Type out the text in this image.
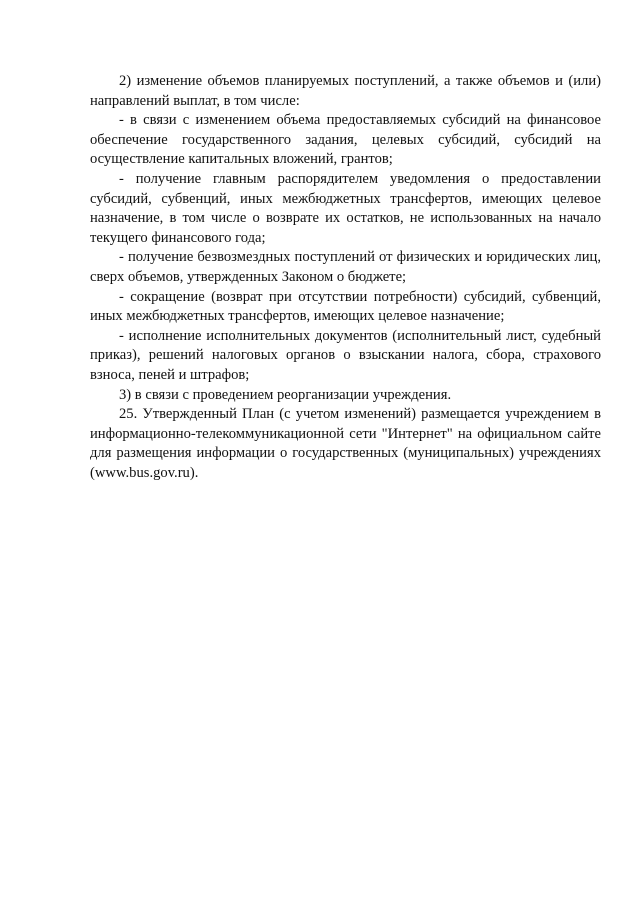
2) изменение объемов планируемых поступлений, а также объемов и (или) направлений выплат, в том числе:

- в связи с изменением объема предоставляемых субсидий на финансовое обеспечение государственного задания, целевых субсидий, субсидий на осуществление капитальных вложений, грантов;

- получение главным распорядителем уведомления о предоставлении субсидий, субвенций, иных межбюджетных трансфертов, имеющих целевое назначение, в том числе о возврате их остатков, не использованных на начало текущего финансового года;

- получение безвозмездных поступлений от физических и юридических лиц, сверх объемов, утвержденных Законом о бюджете;

- сокращение (возврат при отсутствии потребности) субсидий, субвенций, иных межбюджетных трансфертов, имеющих целевое назначение;

- исполнение исполнительных документов (исполнительный лист, судебный приказ), решений налоговых органов о взыскании налога, сбора, страхового взноса, пеней и штрафов;

3) в связи с проведением реорганизации учреждения.

25. Утвержденный План (с учетом изменений) размещается учреждением в информационно-телекоммуникационной сети "Интернет" на официальном сайте для размещения информации о государственных (муниципальных) учреждениях (www.bus.gov.ru).
